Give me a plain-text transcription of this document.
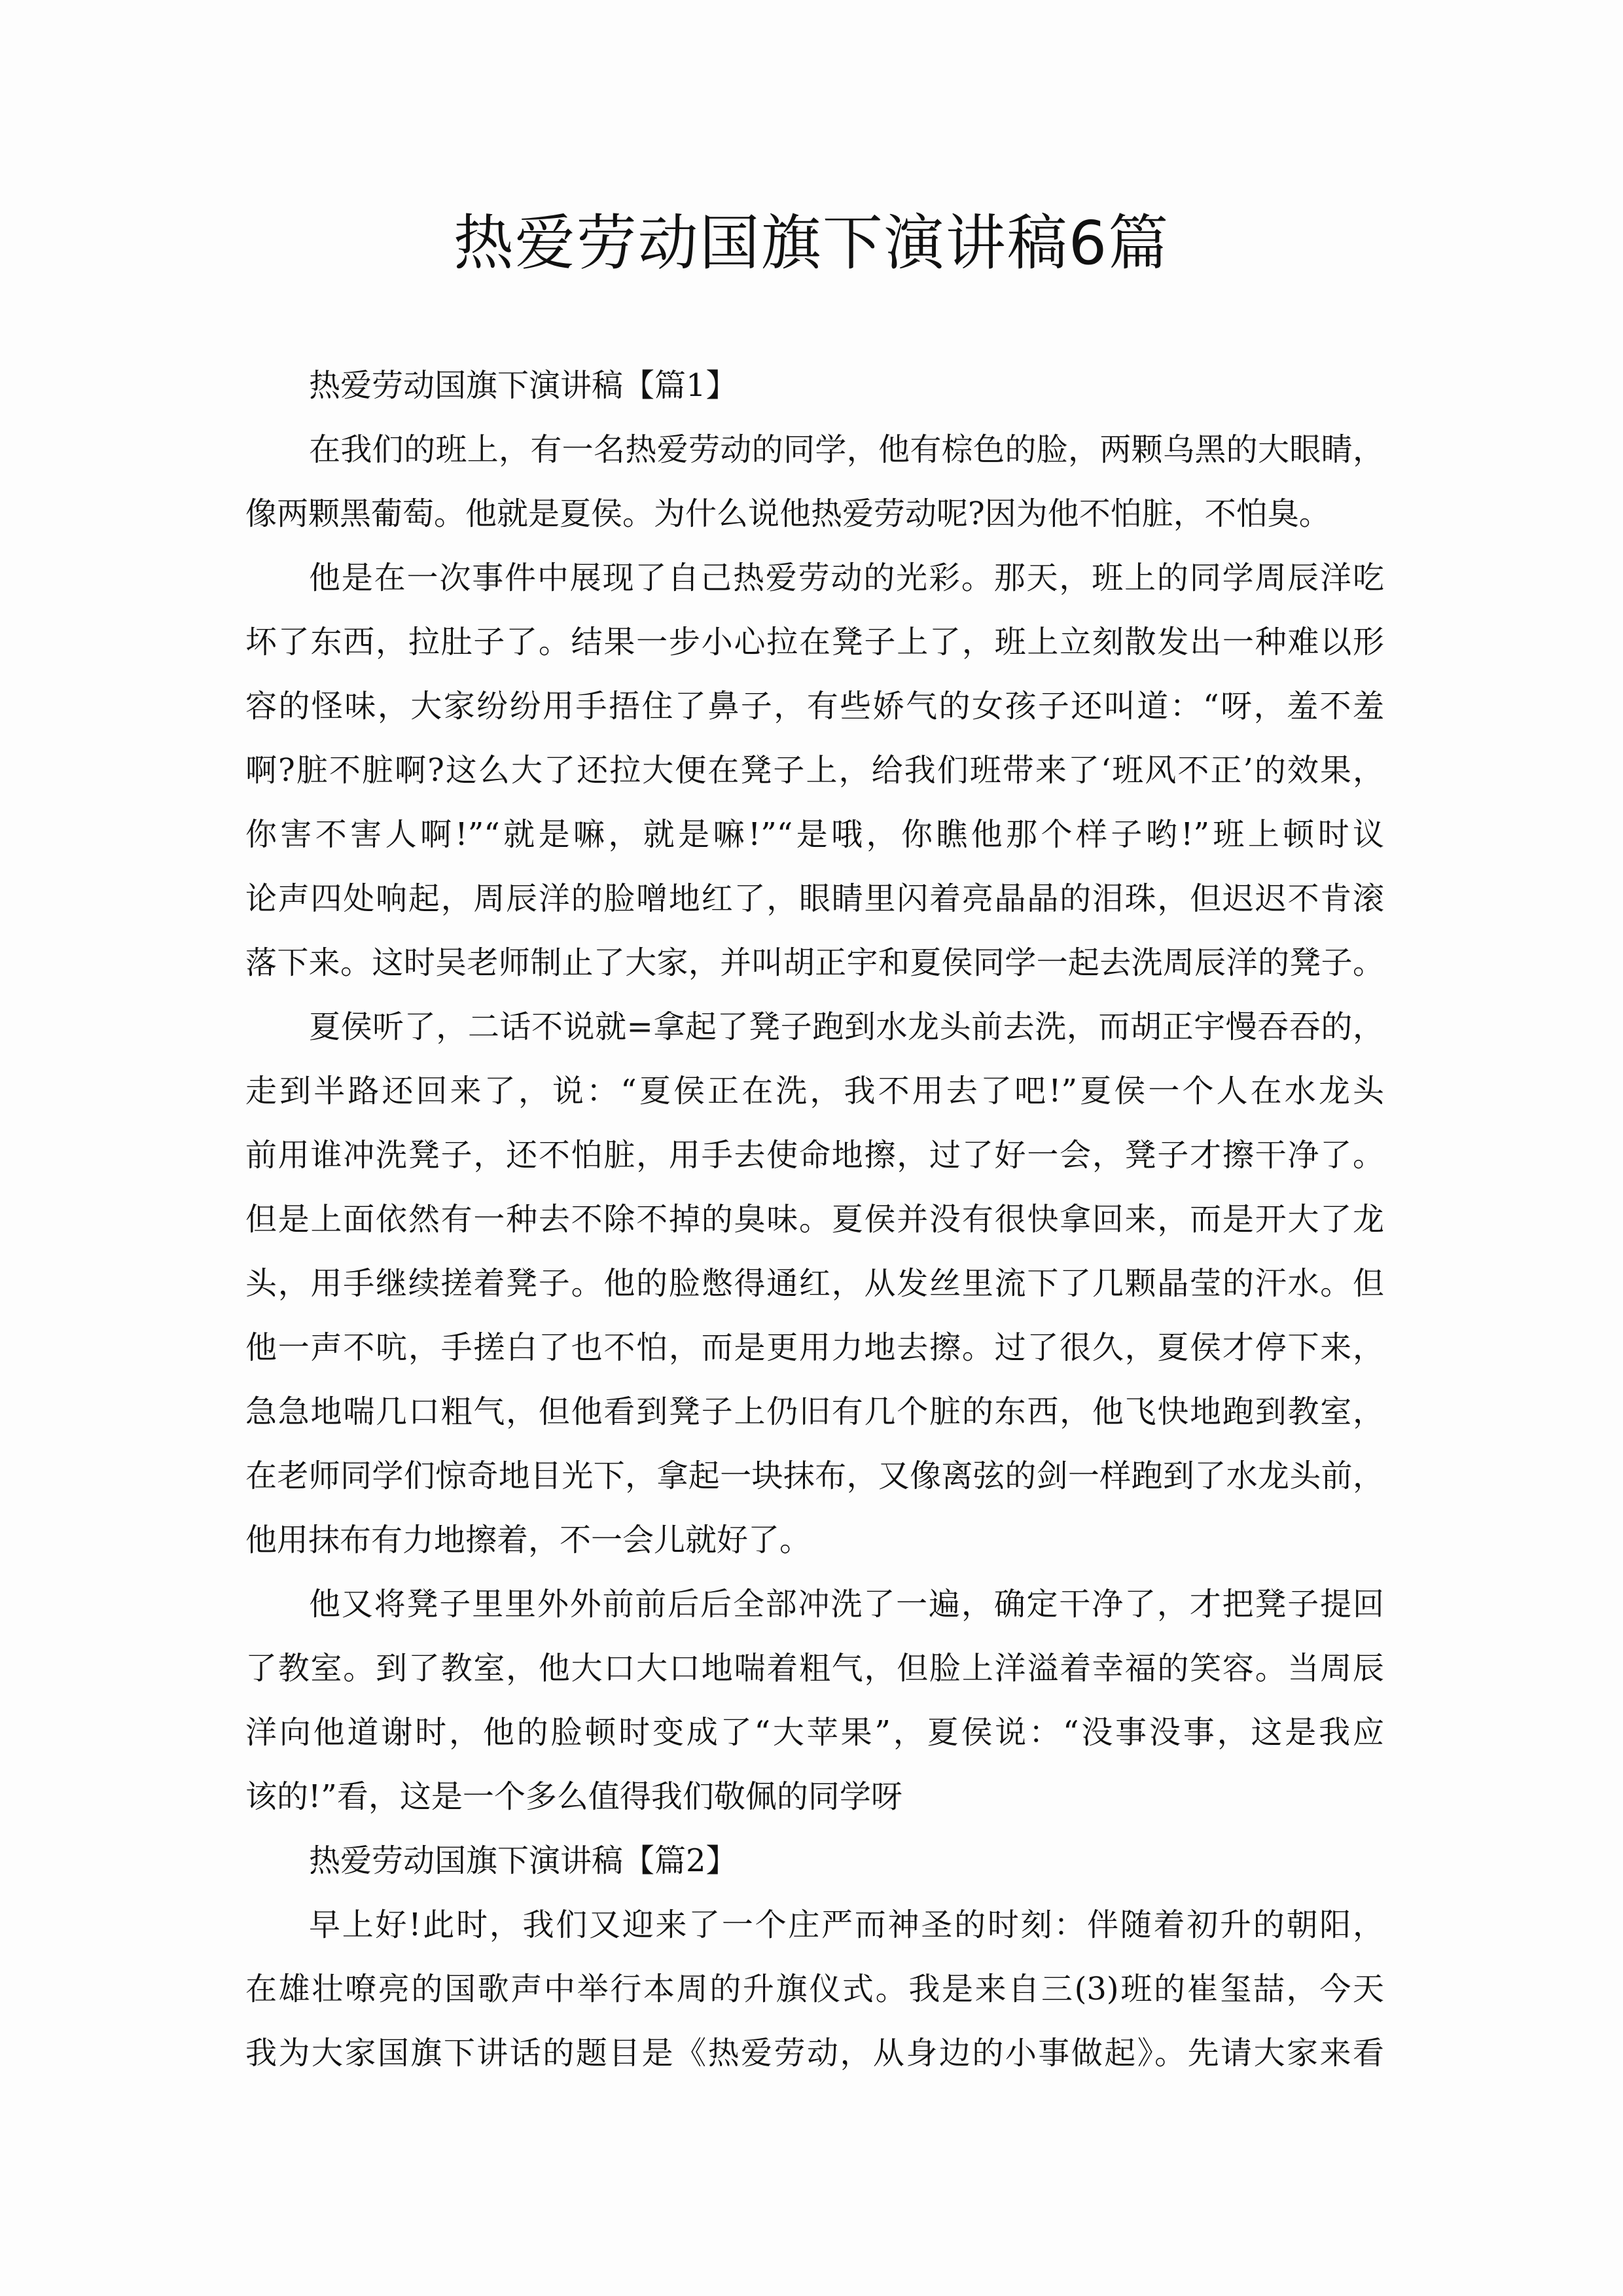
热爱劳动国旗下演讲稿6篇
热爱劳动国旗下演讲稿【篇1】
在我们的班上，有一名热爱劳动的同学，他有棕色的脸，两颗乌黑的大眼睛，
像两颗黑葡萄。他就是夏侯。为什么说他热爱劳动呢?因为他不怕脏，不怕臭。
他是在一次事件中展现了自己热爱劳动的光彩。那天，班上的同学周辰洋吃
坏了东西，拉肚子了。结果一步小心拉在凳子上了，班上立刻散发出一种难以形
容的怪味，大家纷纷用手捂住了鼻子，有些娇气的女孩子还叫道：“呀，羞不羞
啊?脏不脏啊?这么大了还拉大便在凳子上，给我们班带来了‘班风不正’的效果，
你害不害人啊!”“就是嘛，就是嘛!”“是哦，你瞧他那个样子哟!”班上顿时议
论声四处响起，周辰洋的脸噌地红了，眼睛里闪着亮晶晶的泪珠，但迟迟不肯滚
落下来。这时吴老师制止了大家，并叫胡正宇和夏侯同学一起去洗周辰洋的凳子。
夏侯听了，二话不说就=拿起了凳子跑到水龙头前去洗，而胡正宇慢吞吞的，
走到半路还回来了，说：“夏侯正在洗，我不用去了吧!”夏侯一个人在水龙头
前用谁冲洗凳子，还不怕脏，用手去使命地擦，过了好一会，凳子才擦干净了。
但是上面依然有一种去不除不掉的臭味。夏侯并没有很快拿回来，而是开大了龙
头，用手继续搓着凳子。他的脸憋得通红，从发丝里流下了几颗晶莹的汗水。但
他一声不吭，手搓白了也不怕，而是更用力地去擦。过了很久，夏侯才停下来，
急急地喘几口粗气，但他看到凳子上仍旧有几个脏的东西，他飞快地跑到教室，
在老师同学们惊奇地目光下，拿起一块抹布，又像离弦的剑一样跑到了水龙头前，
他用抹布有力地擦着，不一会儿就好了。
他又将凳子里里外外前前后后全部冲洗了一遍，确定干净了，才把凳子提回
了教室。到了教室，他大口大口地喘着粗气，但脸上洋溢着幸福的笑容。当周辰
洋向他道谢时，他的脸顿时变成了“大苹果”，夏侯说：“没事没事，这是我应
该的!”看，这是一个多么值得我们敬佩的同学呀
热爱劳动国旗下演讲稿【篇2】
早上好!此时，我们又迎来了一个庄严而神圣的时刻：伴随着初升的朝阳，
在雄壮嘹亮的国歌声中举行本周的升旗仪式。我是来自三(3)班的崔玺喆，今天
我为大家国旗下讲话的题目是《热爱劳动，从身边的小事做起》。先请大家来看
